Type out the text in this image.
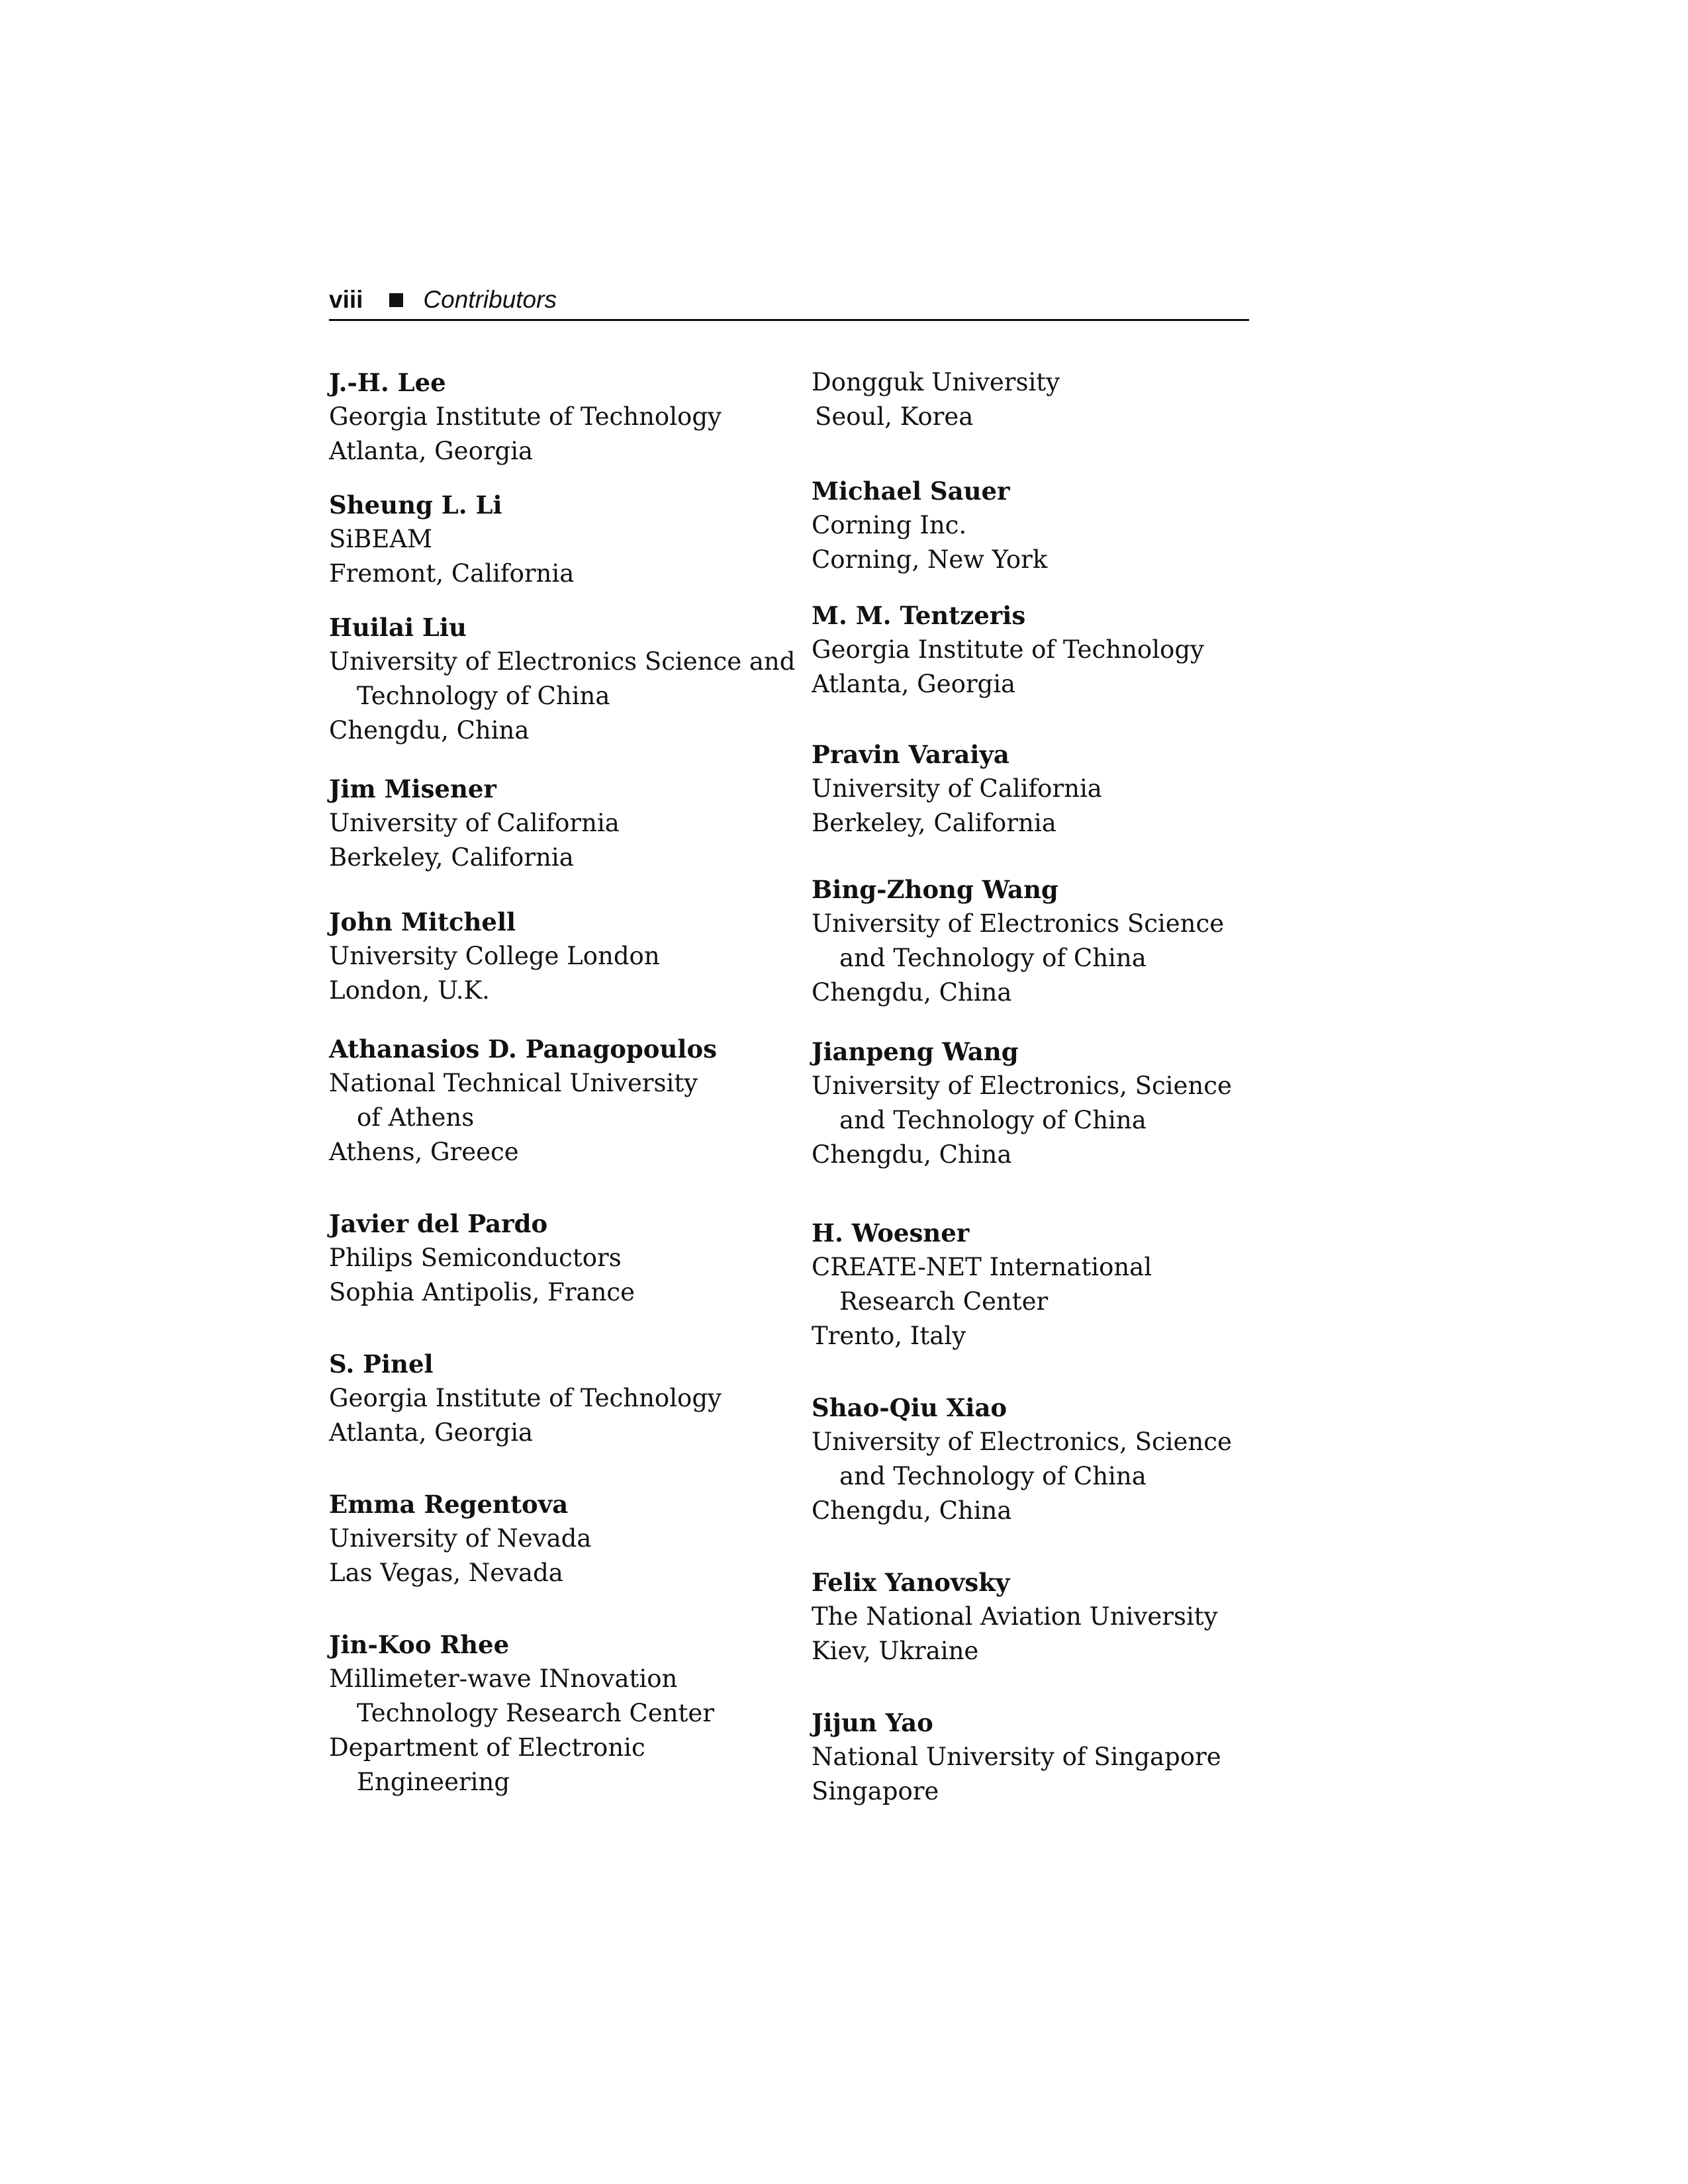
viii Contributors
J.-H. Lee
Georgia Institute of Technology
Atlanta, Georgia
Sheung L. Li
SiBEAM
Fremont, California
Huilai Liu
University of Electronics Science and
Technology of China
Chengdu, China
Jim Misener
University of California
Berkeley, California
John Mitchell
University College London
London, U.K.
Athanasios D. Panagopoulos
National Technical University
of Athens
Athens, Greece
Javier del Pardo
Philips Semiconductors
Sophia Antipolis, France
S. Pinel
Georgia Institute of Technology
Atlanta, Georgia
Emma Regentova
University of Nevada
Las Vegas, Nevada
Jin-Koo Rhee
Millimeter-wave INnovation
Technology Research Center
Department of Electronic
Engineering
Dongguk University
Seoul, Korea
Michael Sauer
Corning Inc.
Corning, New York
M. M. Tentzeris
Georgia Institute of Technology
Atlanta, Georgia
Pravin Varaiya
University of California
Berkeley, California
Bing-Zhong Wang
University of Electronics Science
and Technology of China
Chengdu, China
Jianpeng Wang
University of Electronics, Science
and Technology of China
Chengdu, China
H. Woesner
CREATE-NET International
Research Center
Trento, Italy
Shao-Qiu Xiao
University of Electronics, Science
and Technology of China
Chengdu, China
Felix Yanovsky
The National Aviation University
Kiev, Ukraine
Jijun Yao
National University of Singapore
Singapore
